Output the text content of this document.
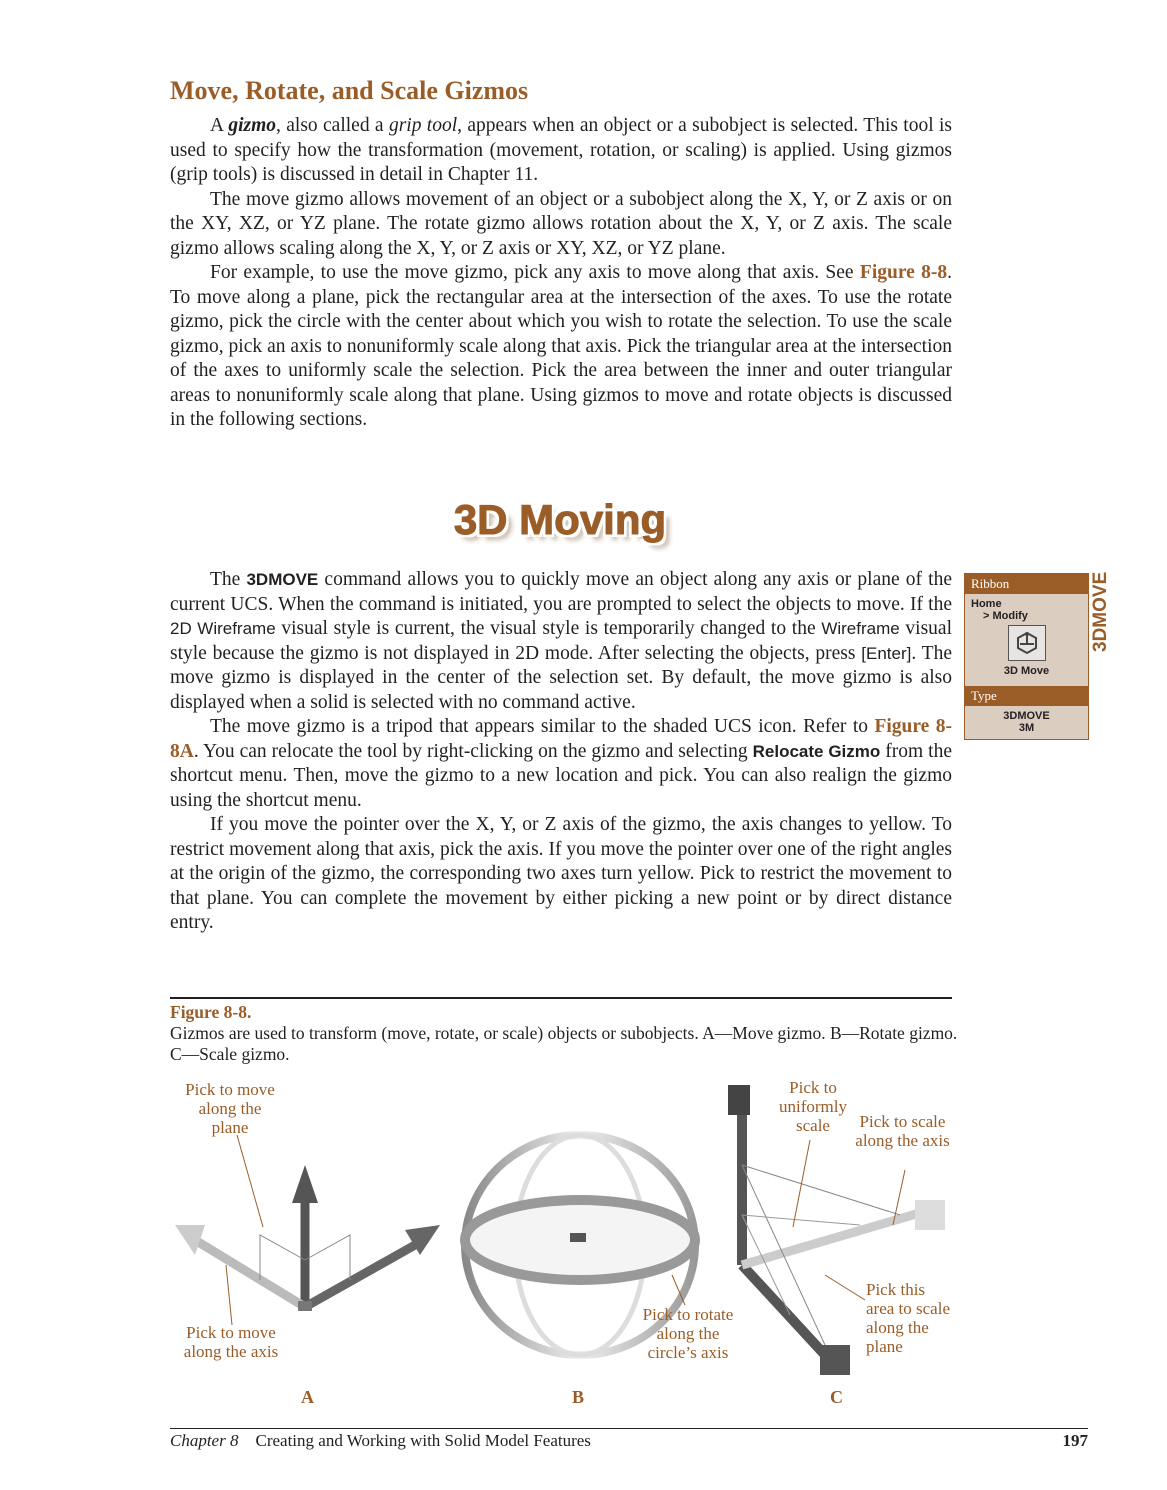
Move, Rotate, and Scale Gizmos

A gizmo, also called a grip tool, appears when an object or a subobject is selected. This tool is used to specify how the transformation (movement, rotation, or scaling) is applied. Using gizmos (grip tools) is discussed in detail in Chapter 11.

The move gizmo allows movement of an object or a subobject along the X, Y, or Z axis or on the XY, XZ, or YZ plane. The rotate gizmo allows rotation about the X, Y, or Z axis. The scale gizmo allows scaling along the X, Y, or Z axis or XY, XZ, or YZ plane.

For example, to use the move gizmo, pick any axis to move along that axis. See Figure 8-8. To move along a plane, pick the rectangular area at the intersection of the axes. To use the rotate gizmo, pick the circle with the center about which you wish to rotate the selection. To use the scale gizmo, pick an axis to nonuniformly scale along that axis. Pick the triangular area at the intersection of the axes to uniformly scale the selection. Pick the area between the inner and outer triangular areas to nonuniformly scale along that plane. Using gizmos to move and rotate objects is discussed in the following sections.

3D Moving

The 3DMOVE command allows you to quickly move an object along any axis or plane of the current UCS. When the command is initiated, you are prompted to select the objects to move. If the 2D Wireframe visual style is current, the visual style is temporarily changed to the Wireframe visual style because the gizmo is not displayed in 2D mode. After selecting the objects, press [Enter]. The move gizmo is displayed in the center of the selection set. By default, the move gizmo is also displayed when a solid is selected with no command active.

The move gizmo is a tripod that appears similar to the shaded UCS icon. Refer to Figure 8-8A. You can relocate the tool by right-clicking on the gizmo and selecting Relocate Gizmo from the shortcut menu. Then, move the gizmo to a new location and pick. You can also realign the gizmo using the shortcut menu.

If you move the pointer over the X, Y, or Z axis of the gizmo, the axis changes to yellow. To restrict movement along that axis, pick the axis. If you move the pointer over one of the right angles at the origin of the gizmo, the corresponding two axes turn yellow. Pick to restrict the movement to that plane. You can complete the movement by either picking a new point or by direct distance entry.

Ribbon
Home
> Modify
3D Move
Type
3DMOVE
3M
3DMOVE
Figure 8-8.
Gizmos are used to transform (move, rotate, or scale) objects or subobjects. A—Move gizmo. B—Rotate gizmo. C—Scale gizmo.
Pick to move along the plane
Pick to move along the axis
Pick to rotate along the circle’s axis
Pick to uniformly scale	Pick to scale along the axis
Pick this area to scale along the plane
A	B	C
Chapter 8 Creating and Working with Solid Model Features	197
